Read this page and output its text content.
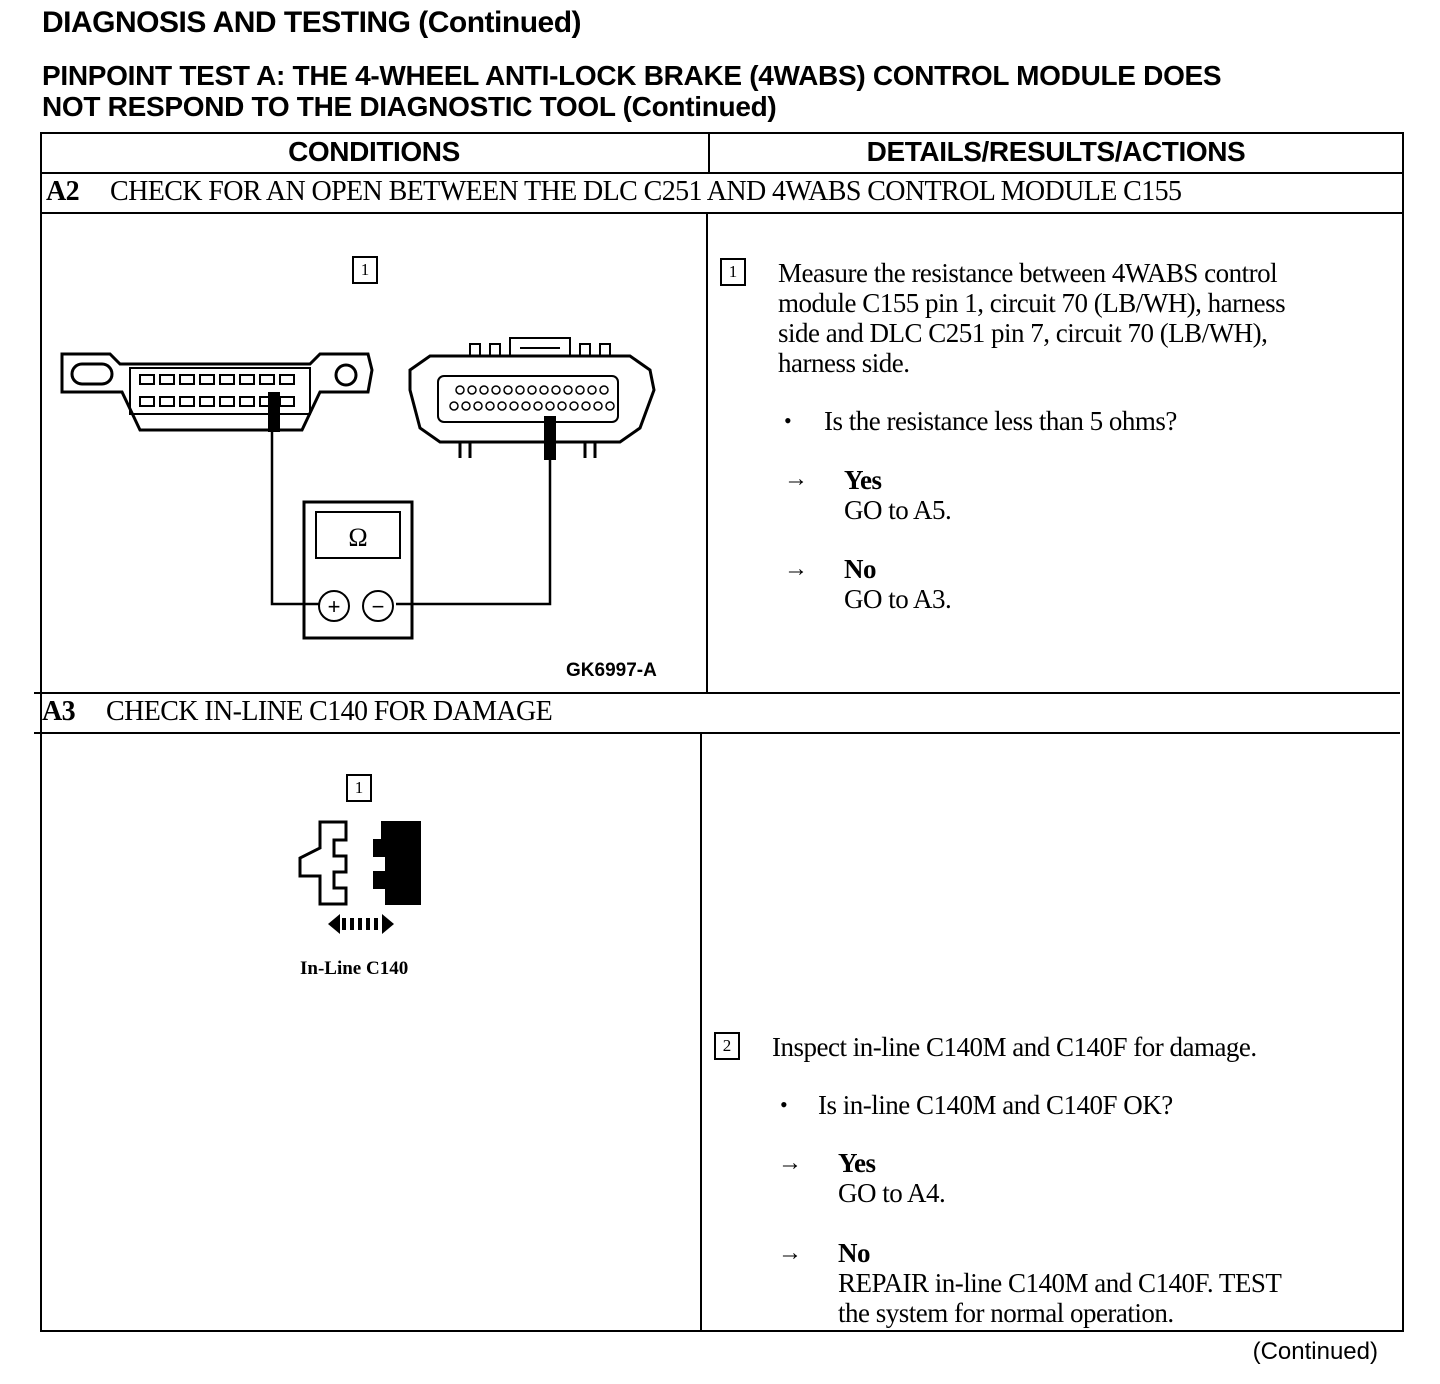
DIAGNOSIS AND TESTING (Continued)
PINPOINT TEST A: THE 4-WHEEL ANTI-LOCK BRAKE (4WABS) CONTROL MODULE DOES
NOT RESPOND TO THE DIAGNOSTIC TOOL (Continued)
CONDITIONS	DETAILS/RESULTS/ACTIONS
A2 CHECK FOR AN OPEN BETWEEN THE DLC C251 AND 4WABS CONTROL MODULE C155
1
Ω
+ −
GK6997-A
1	Measure the resistance between 4WABS control
module C155 pin 1, circuit 70 (LB/WH), harness
side and DLC C251 pin 7, circuit 70 (LB/WH),
harness side.
• Is the resistance less than 5 ohms?
→ Yes
GO to A5.
→ No
GO to A3.
A3 CHECK IN-LINE C140 FOR DAMAGE
1
In-Line C140
2	Inspect in-line C140M and C140F for damage.
• Is in-line C140M and C140F OK?
→ Yes
GO to A4.
→ No
REPAIR in-line C140M and C140F. TEST
the system for normal operation.
(Continued)
